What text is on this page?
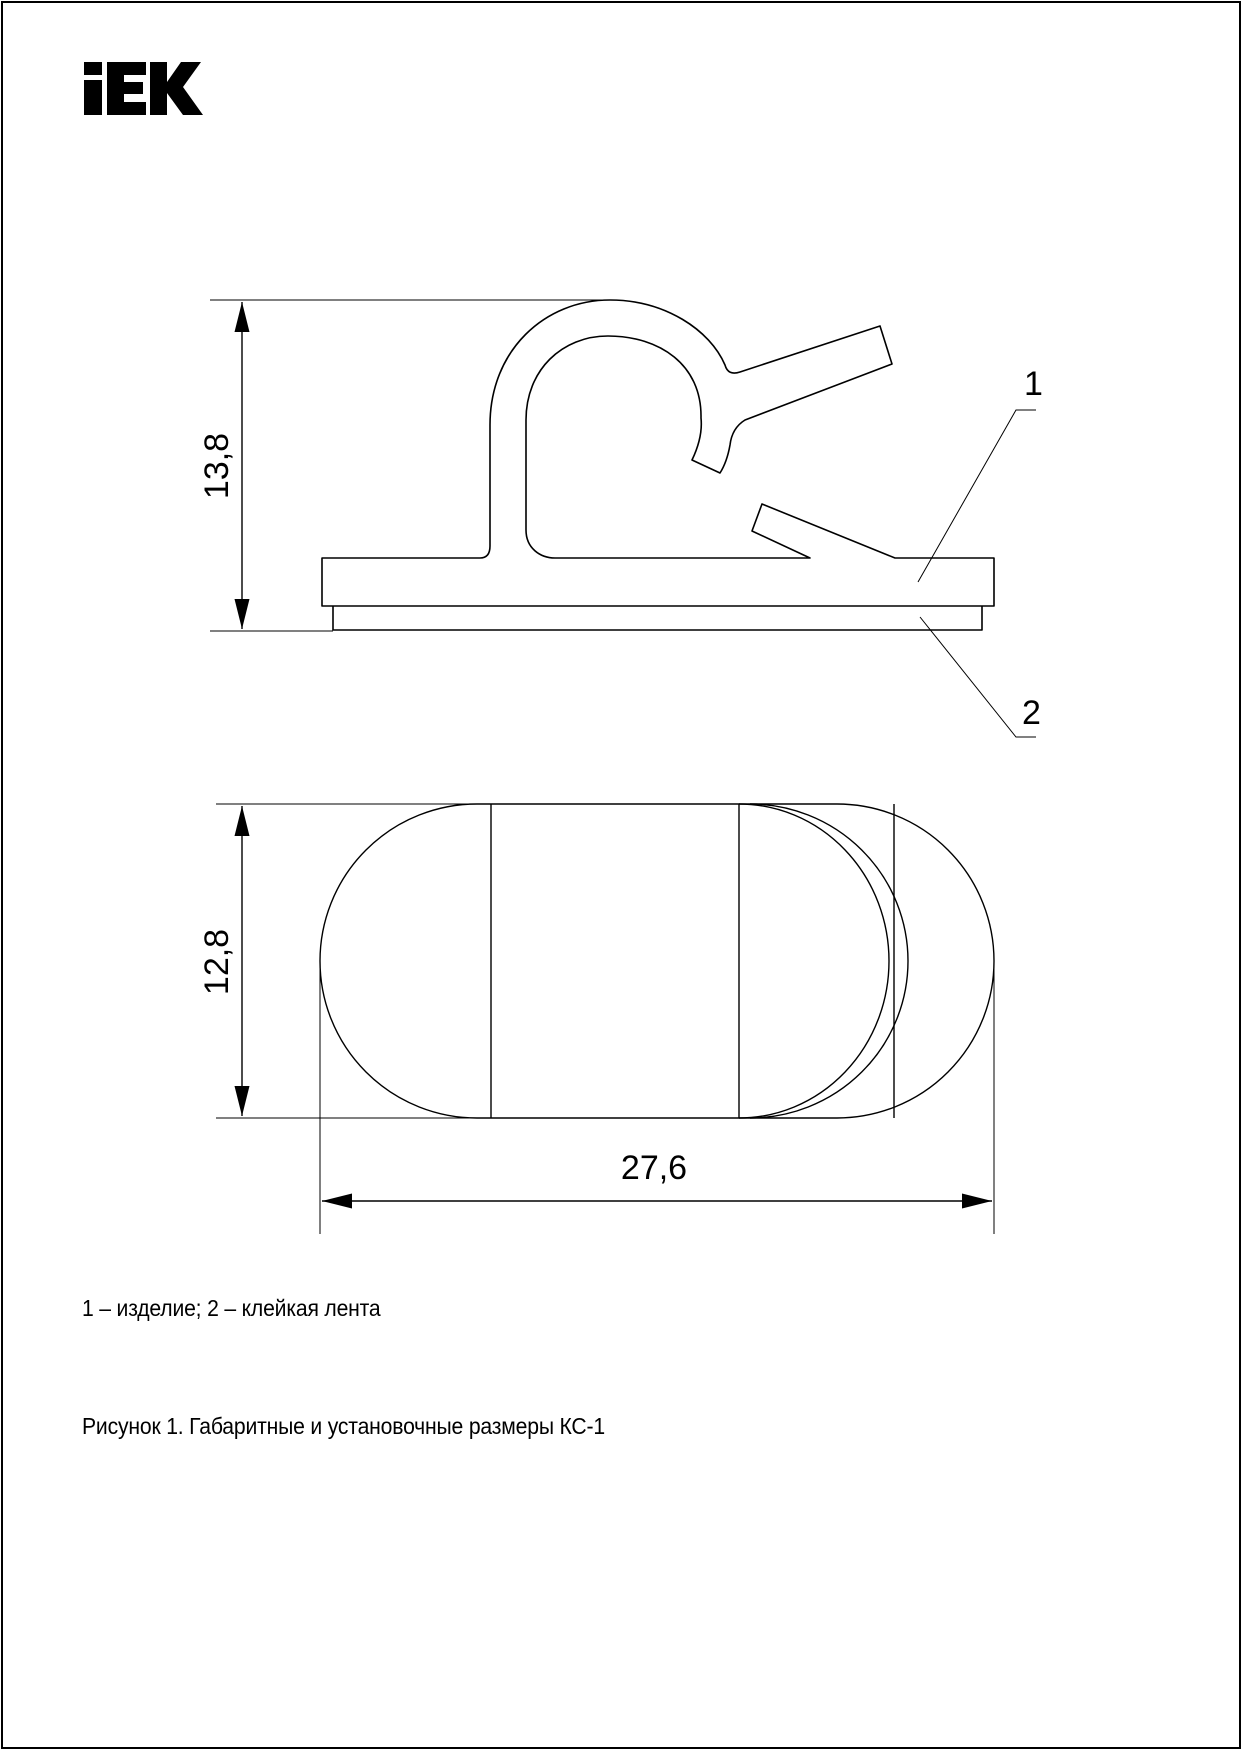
13,8
1
2
12,8
27,6
1 – изделие; 2 – клейкая лента
Рисунок 1. Габаритные и установочные размеры КС-1
